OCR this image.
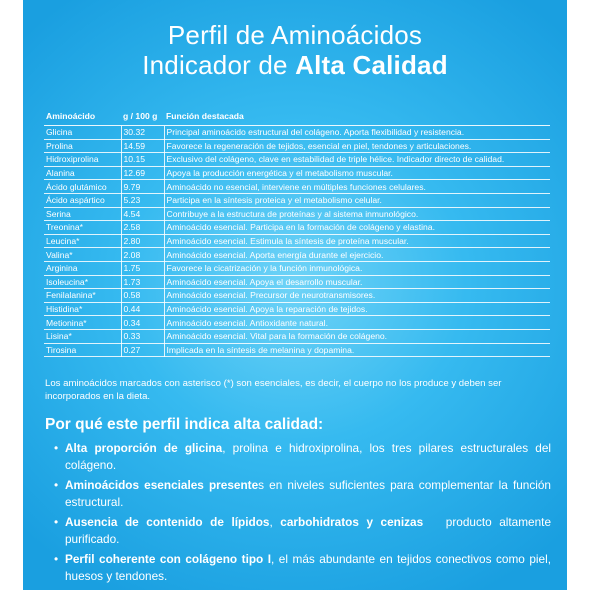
Perfil de Aminoácidos
Indicador de Alta Calidad
Aminoácido	g / 100 g	Función destacada
Glicina	30.32	Principal aminoácido estructural del colágeno. Aporta flexibilidad y resistencia.
Prolina	14.59	Favorece la regeneración de tejidos, esencial en piel, tendones y articulaciones.
Hidroxiprolina	10.15	Exclusivo del colágeno, clave en estabilidad de triple hélice. Indicador directo de calidad.
Alanina	12.69	Apoya la producción energética y el metabolismo muscular.
Ácido glutámico	9.79	Aminoácido no esencial, interviene en múltiples funciones celulares.
Ácido aspártico	5.23	Participa en la síntesis proteica y el metabolismo celular.
Serina	4.54	Contribuye a la estructura de proteínas y al sistema inmunológico.
Treonina*	2.58	Aminoácido esencial. Participa en la formación de colágeno y elastina.
Leucina*	2.80	Aminoácido esencial. Estimula la síntesis de proteína muscular.
Valina*	2.08	Aminoácido esencial. Aporta energía durante el ejercicio.
Arginina	1.75	Favorece la cicatrización y la función inmunológica.
Isoleucina*	1.73	Aminoácido esencial. Apoya el desarrollo muscular.
Fenilalanina*	0.58	Aminoácido esencial. Precursor de neurotransmisores.
Histidina*	0.44	Aminoácido esencial. Apoya la reparación de tejidos.
Metionina*	0.34	Aminoácido esencial. Antioxidante natural.
Lisina*	0.33	Aminoácido esencial. Vital para la formación de colágeno.
Tirosina	0.27	Implicada en la síntesis de melanina y dopamina.

Los aminoácidos marcados con asterisco (*) son esenciales, es decir, el cuerpo no los produce y deben ser incorporados en la dieta.

Por qué este perfil indica alta calidad:
• Alta proporción de glicina, prolina e hidroxiprolina, los tres pilares estructurales del colágeno.
• Aminoácidos esenciales presentes en niveles suficientes para complementar la función estructural.
• Ausencia de contenido de lípidos, carbohidratos y cenizas   producto altamente purificado.
• Perfil coherente con colágeno tipo I, el más abundante en tejidos conectivos como piel, huesos y tendones.
